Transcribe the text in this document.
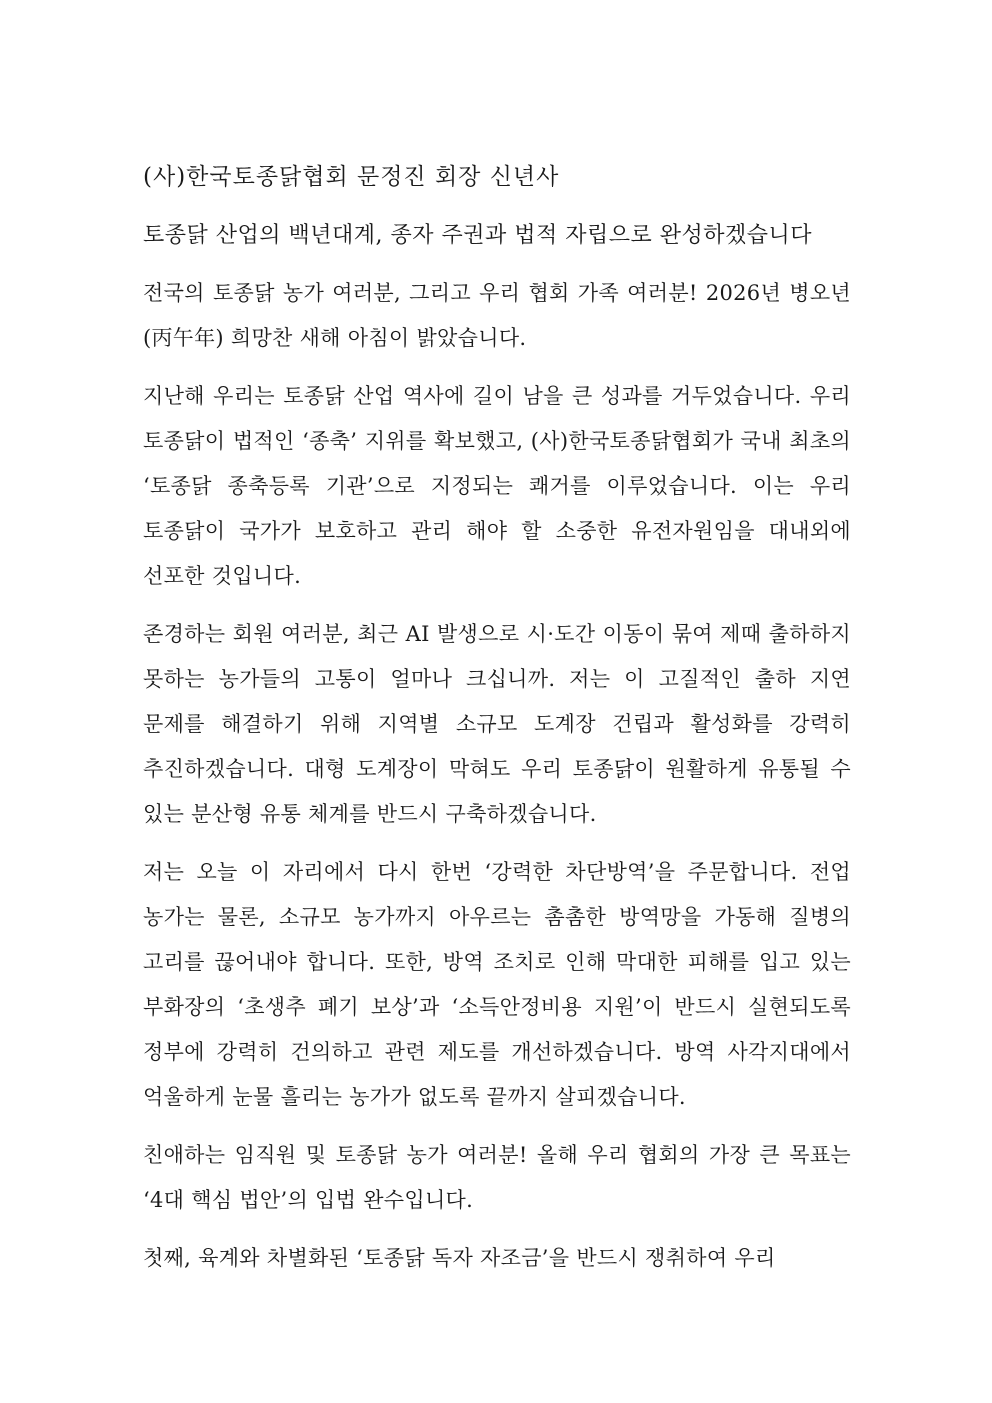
(사)한국토종닭협회 문정진 회장 신년사
토종닭 산업의 백년대계, 종자 주권과 법적 자립으로 완성하겠습니다

전국의 토종닭 농가 여러분, 그리고 우리 협회 가족 여러분! 2026년 병오년(丙午年) 희망찬 새해 아침이 밝았습니다.

지난해 우리는 토종닭 산업 역사에 길이 남을 큰 성과를 거두었습니다. 우리 토종닭이 법적인 ‘종축’ 지위를 확보했고, (사)한국토종닭협회가 국내 최초의 ‘토종닭 종축등록 기관’으로 지정되는 쾌거를 이루었습니다. 이는 우리 토종닭이 국가가 보호하고 관리 해야 할 소중한 유전자원임을 대내외에 선포한 것입니다.

존경하는 회원 여러분, 최근 AI 발생으로 시·도간 이동이 묶여 제때 출하하지 못하는 농가들의 고통이 얼마나 크십니까. 저는 이 고질적인 출하 지연 문제를 해결하기 위해 지역별 소규모 도계장 건립과 활성화를 강력히 추진하겠습니다. 대형 도계장이 막혀도 우리 토종닭이 원활하게 유통될 수 있는 분산형 유통 체계를 반드시 구축하겠습니다.

저는 오늘 이 자리에서 다시 한번 ‘강력한 차단방역’을 주문합니다. 전업 농가는 물론, 소규모 농가까지 아우르는 촘촘한 방역망을 가동해 질병의 고리를 끊어내야 합니다. 또한, 방역 조치로 인해 막대한 피해를 입고 있는 부화장의 ‘초생추 폐기 보상’과 ‘소득안정비용 지원’이 반드시 실현되도록 정부에 강력히 건의하고 관련 제도를 개선하겠습니다. 방역 사각지대에서 억울하게 눈물 흘리는 농가가 없도록 끝까지 살피겠습니다.

친애하는 임직원 및 토종닭 농가 여러분! 올해 우리 협회의 가장 큰 목표는 ‘4대 핵심 법안’의 입법 완수입니다.

첫째, 육계와 차별화된 ‘토종닭 독자 자조금’을 반드시 쟁취하여 우리
